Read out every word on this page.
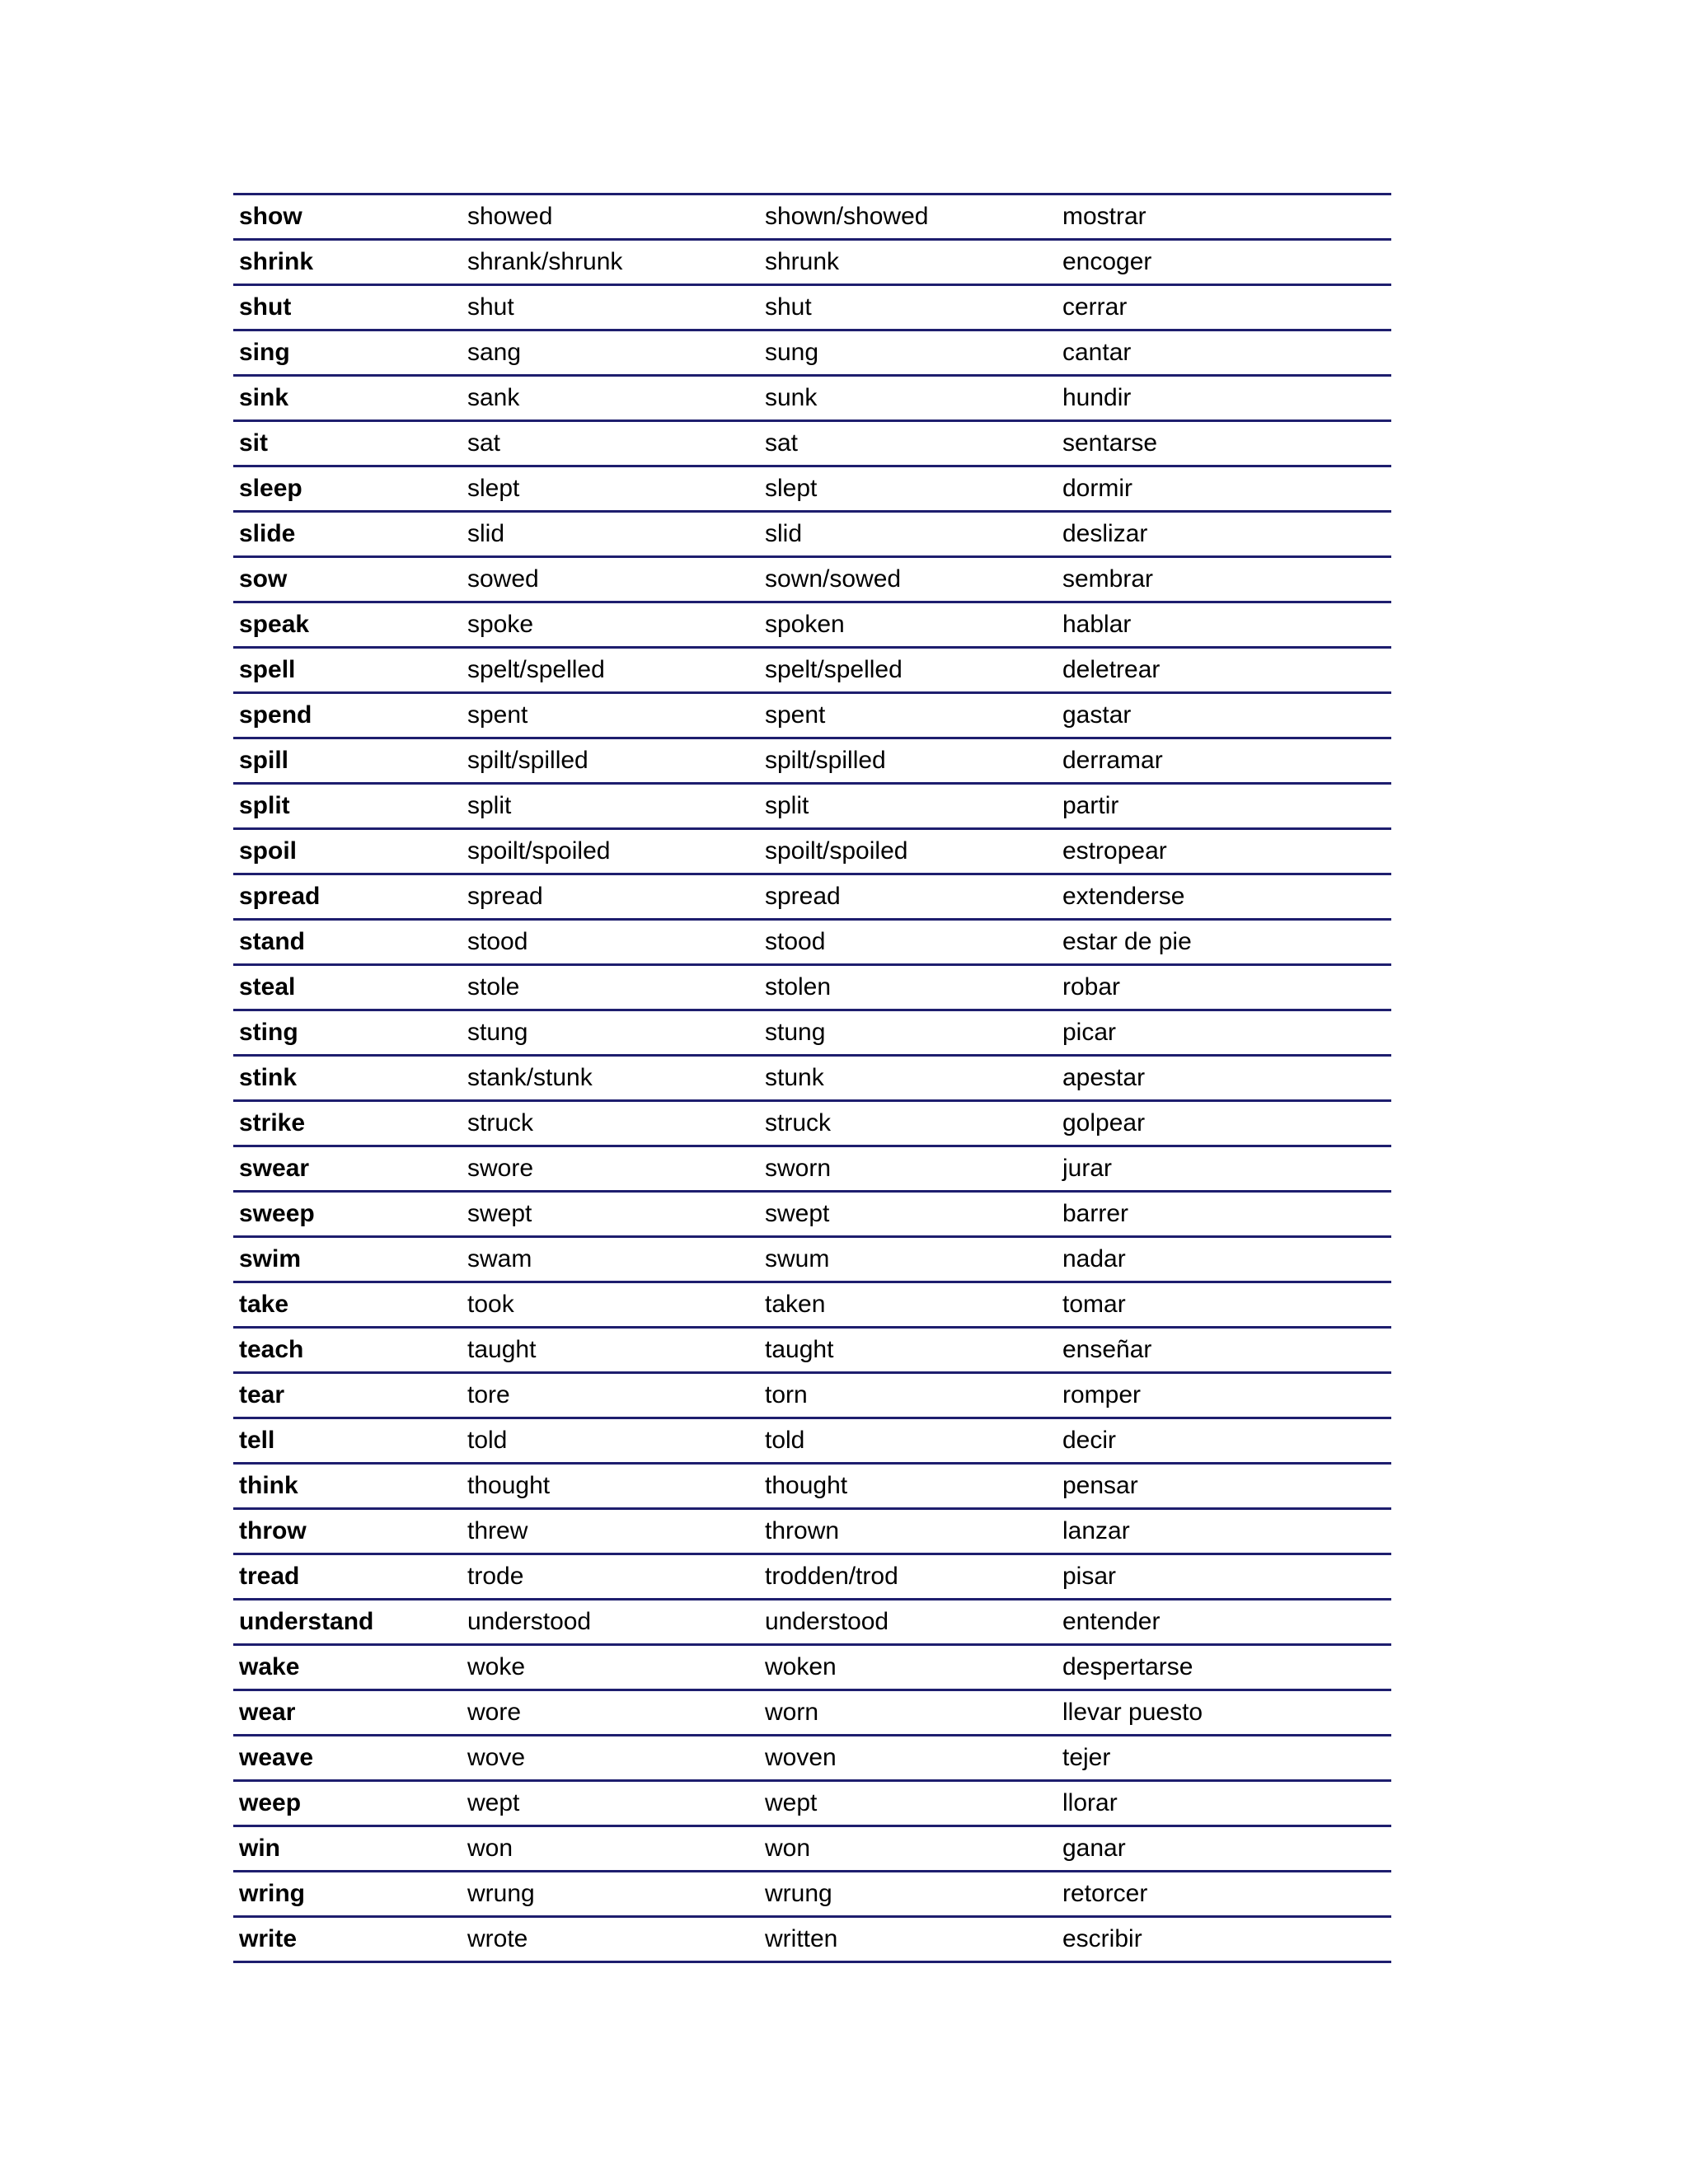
show	showed	shown/showed	mostrar
shrink	shrank/shrunk	shrunk	encoger
shut	shut	shut	cerrar
sing	sang	sung	cantar
sink	sank	sunk	hundir
sit	sat	sat	sentarse
sleep	slept	slept	dormir
slide	slid	slid	deslizar
sow	sowed	sown/sowed	sembrar
speak	spoke	spoken	hablar
spell	spelt/spelled	spelt/spelled	deletrear
spend	spent	spent	gastar
spill	spilt/spilled	spilt/spilled	derramar
split	split	split	partir
spoil	spoilt/spoiled	spoilt/spoiled	estropear
spread	spread	spread	extenderse
stand	stood	stood	estar de pie
steal	stole	stolen	robar
sting	stung	stung	picar
stink	stank/stunk	stunk	apestar
strike	struck	struck	golpear
swear	swore	sworn	jurar
sweep	swept	swept	barrer
swim	swam	swum	nadar
take	took	taken	tomar
teach	taught	taught	enseñar
tear	tore	torn	romper
tell	told	told	decir
think	thought	thought	pensar
throw	threw	thrown	lanzar
tread	trode	trodden/trod	pisar
understand	understood	understood	entender
wake	woke	woken	despertarse
wear	wore	worn	llevar puesto
weave	wove	woven	tejer
weep	wept	wept	llorar
win	won	won	ganar
wring	wrung	wrung	retorcer
write	wrote	written	escribir
